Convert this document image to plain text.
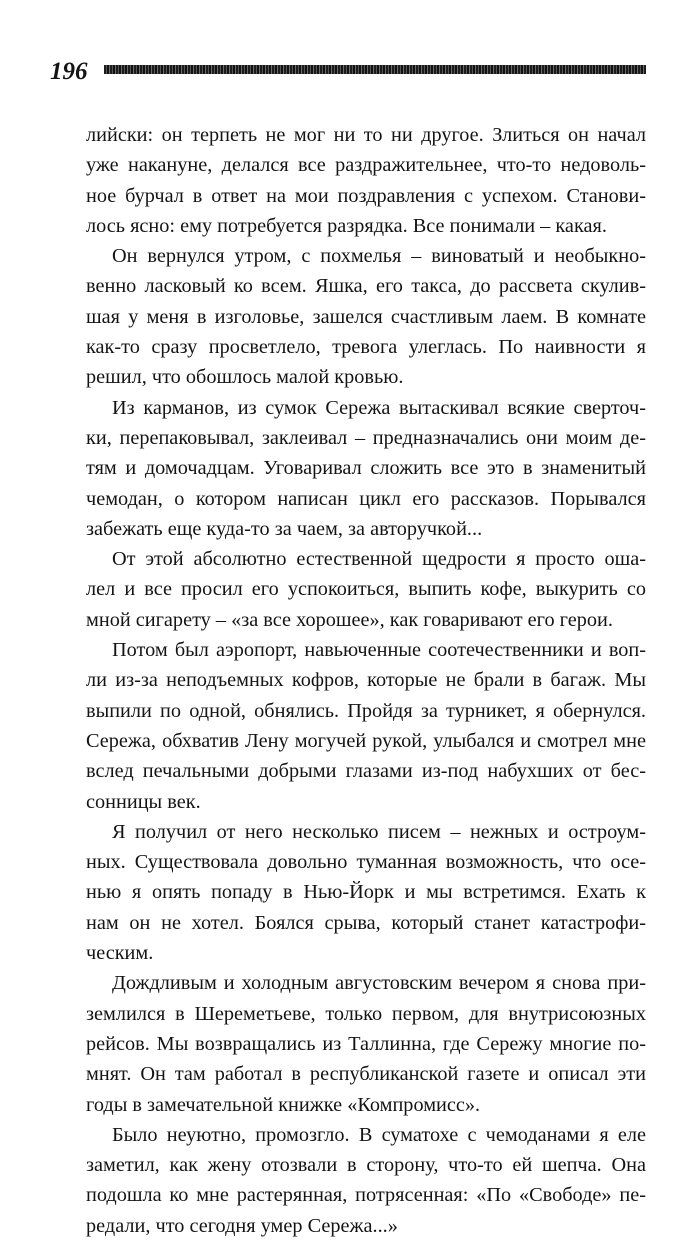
196
лийски: он терпеть не мог ни то ни другое. Злиться он начал
уже накануне, делался все раздражительнее, что-то недоволь-
ное бурчал в ответ на мои поздравления с успехом. Станови-
лось ясно: ему потребуется разрядка. Все понимали – какая.
Он вернулся утром, с похмелья – виноватый и необыкно-
венно ласковый ко всем. Яшка, его такса, до рассвета скулив-
шая у меня в изголовье, зашелся счастливым лаем. В комнате
как-то сразу просветлело, тревога улеглась. По наивности я
решил, что обошлось малой кровью.
Из карманов, из сумок Сережа вытаскивал всякие сверточ-
ки, перепаковывал, заклеивал – предназначались они моим де-
тям и домочадцам. Уговаривал сложить все это в знаменитый
чемодан, о котором написан цикл его рассказов. Порывался
забежать еще куда-то за чаем, за авторучкой...
От этой абсолютно естественной щедрости я просто оша-
лел и все просил его успокоиться, выпить кофе, выкурить со
мной сигарету – «за все хорошее», как говаривают его герои.
Потом был аэропорт, навьюченные соотечественники и воп-
ли из-за неподъемных кофров, которые не брали в багаж. Мы
выпили по одной, обнялись. Пройдя за турникет, я обернулся.
Сережа, обхватив Лену могучей рукой, улыбался и смотрел мне
вслед печальными добрыми глазами из-под набухших от бес-
сонницы век.
Я получил от него несколько писем – нежных и остроум-
ных. Существовала довольно туманная возможность, что осе-
нью я опять попаду в Нью-Йорк и мы встретимся. Ехать к
нам он не хотел. Боялся срыва, который станет катастрофи-
ческим.
Дождливым и холодным августовским вечером я снова при-
землился в Шереметьеве, только первом, для внутрисоюзных
рейсов. Мы возвращались из Таллинна, где Сережу многие по-
мнят. Он там работал в республиканской газете и описал эти
годы в замечательной книжке «Компромисс».
Было неуютно, промозгло. В суматохе с чемоданами я еле
заметил, как жену отозвали в сторону, что-то ей шепча. Она
подошла ко мне растерянная, потрясенная: «По «Свободе» пе-
редали, что сегодня умер Сережа...»
